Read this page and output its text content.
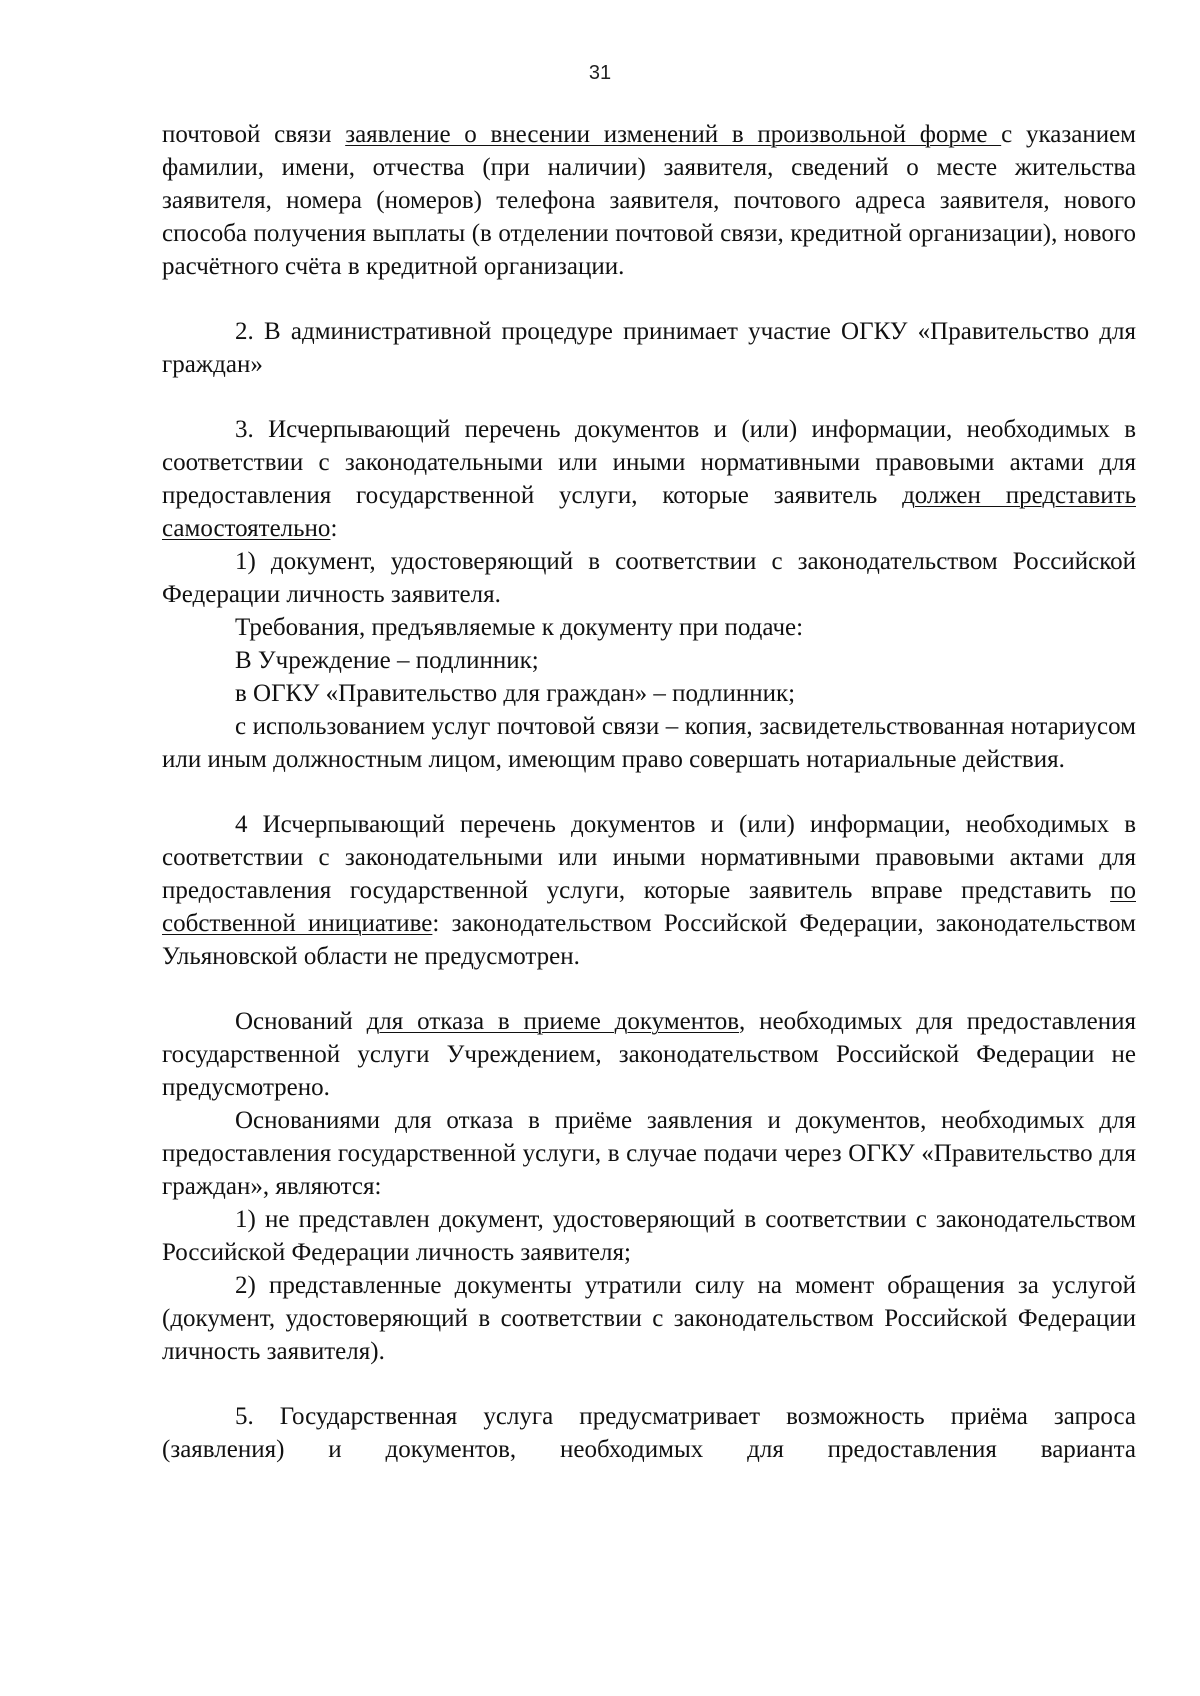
31

почтовой связи заявление о внесении изменений в произвольной форме с указанием фамилии, имени, отчества (при наличии) заявителя, сведений о месте жительства заявителя, номера (номеров) телефона заявителя, почтового адреса заявителя, нового способа получения выплаты (в отделении почтовой связи, кредитной организации), нового расчётного счёта в кредитной организации.

2. В административной процедуре принимает участие ОГКУ «Правительство для граждан»

3. Исчерпывающий перечень документов и (или) информации, необходимых в соответствии с законодательными или иными нормативными правовыми актами для предоставления государственной услуги, которые заявитель должен представить самостоятельно:

1) документ, удостоверяющий в соответствии с законодательством Российской Федерации личность заявителя.

Требования, предъявляемые к документу при подаче:

В Учреждение – подлинник;

в ОГКУ «Правительство для граждан» – подлинник;

с использованием услуг почтовой связи – копия, засвидетельствованная нотариусом или иным должностным лицом, имеющим право совершать нотариальные действия.

4 Исчерпывающий перечень документов и (или) информации, необходимых в соответствии с законодательными или иными нормативными правовыми актами для предоставления государственной услуги, которые заявитель вправе представить по собственной инициативе: законодательством Российской Федерации, законодательством Ульяновской области не предусмотрен.

Оснований для отказа в приеме документов, необходимых для предоставления государственной услуги Учреждением, законодательством Российской Федерации не предусмотрено.

Основаниями для отказа в приёме заявления и документов, необходимых для предоставления государственной услуги, в случае подачи через ОГКУ «Правительство для граждан», являются:

1) не представлен документ, удостоверяющий в соответствии с законодательством Российской Федерации личность заявителя;

2) представленные документы утратили силу на момент обращения за услугой (документ, удостоверяющий в соответствии с законодательством Российской Федерации личность заявителя).

5. Государственная услуга предусматривает возможность приёма запроса (заявления) и документов, необходимых для предоставления варианта
